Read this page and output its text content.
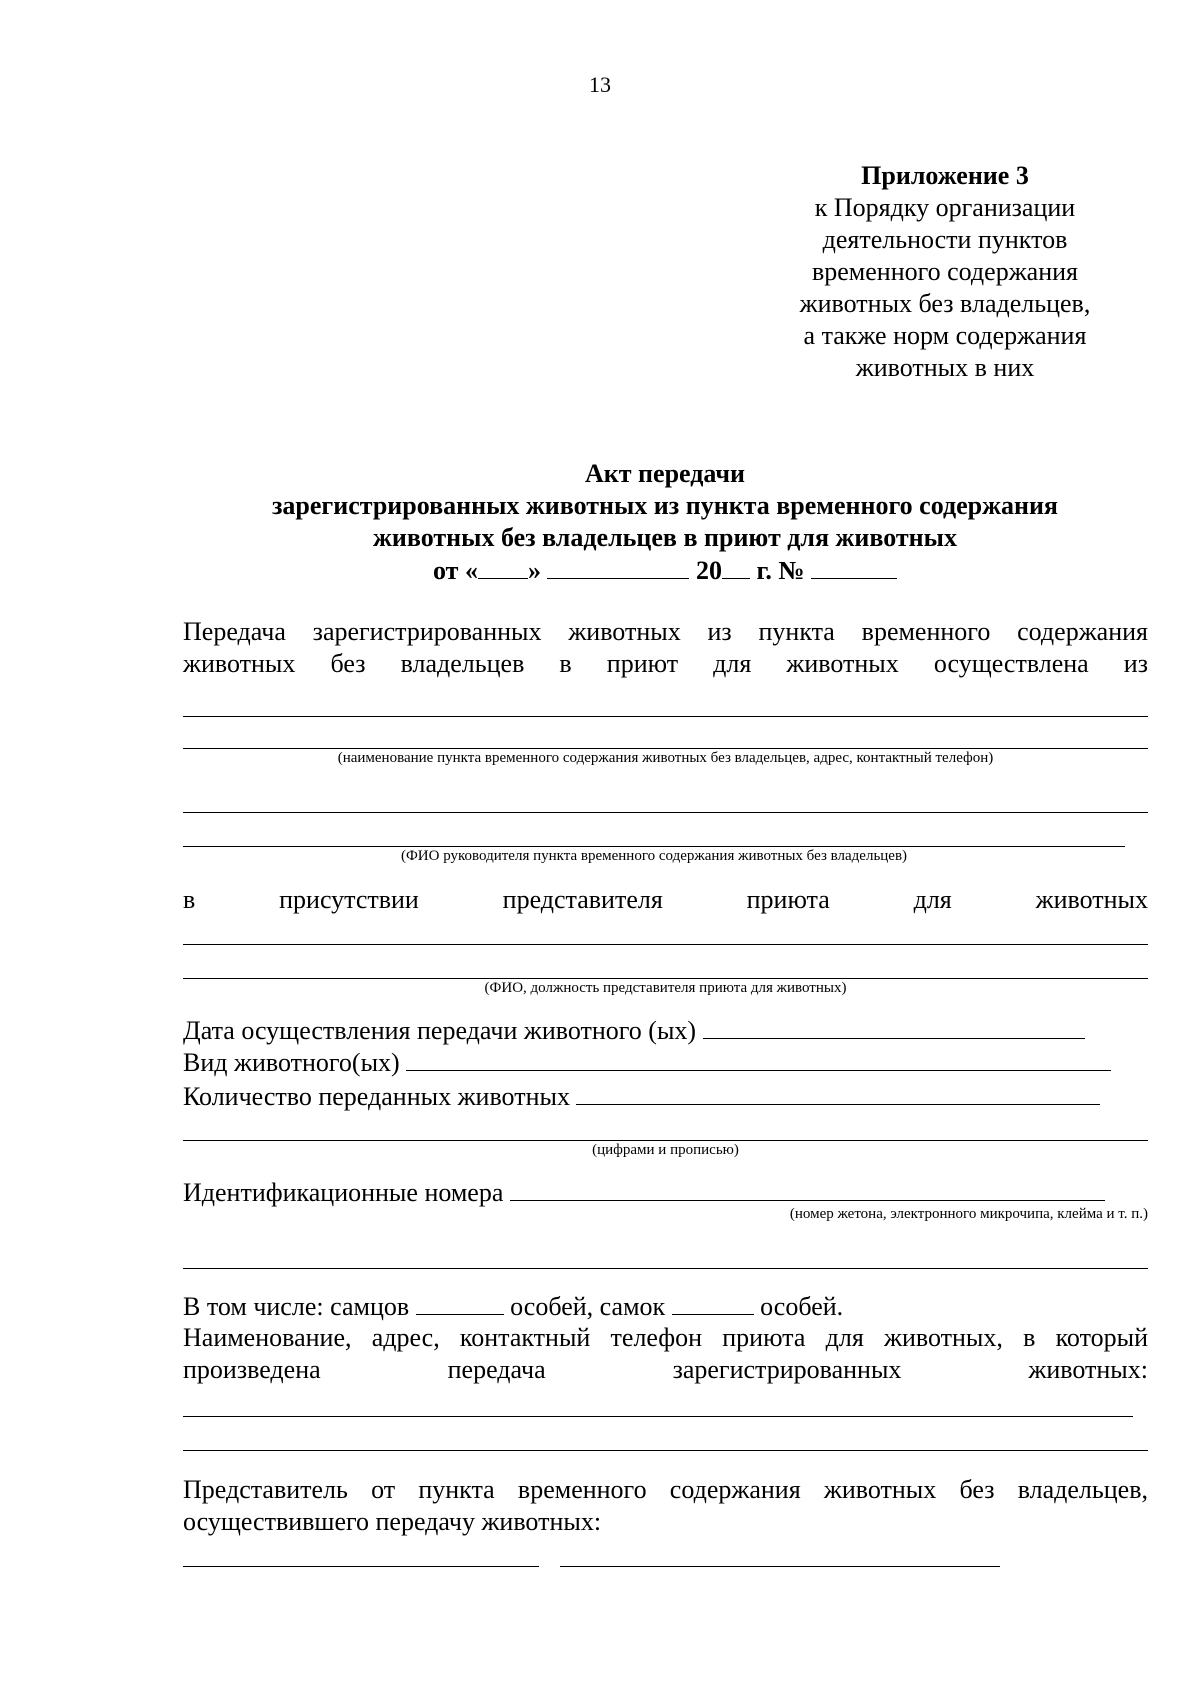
13
Приложение 3
к Порядку организации
деятельности пунктов
временного содержания
животных без владельцев,
а также норм содержания
животных в них
Акт передачи
зарегистрированных животных из пункта временного содержания
животных без владельцев в приют для животных
от « »	20 г. №
Передача зарегистрированных животных из пункта временного содержания
животных без владельцев в приют для животных осуществлена из
(наименование пункта временного содержания животных без владельцев, адрес, контактный телефон)
(ФИО руководителя пункта временного содержания животных без владельцев)
в присутствии представителя приюта для животных
(ФИО, должность представителя приюта для животных)
Дата осуществления передачи животного (ых)
Вид животного(ых)
Количество переданных животных
(цифрами и прописью)
Идентификационные номера
(номер жетона, электронного микрочипа, клейма и т. п.)
В том числе: самцов	особей, самок	особей.
Наименование, адрес, контактный телефон приюта для животных, в который
произведена передача зарегистрированных животных:
Представитель от пункта временного содержания животных без владельцев,
осуществившего передачу животных:
